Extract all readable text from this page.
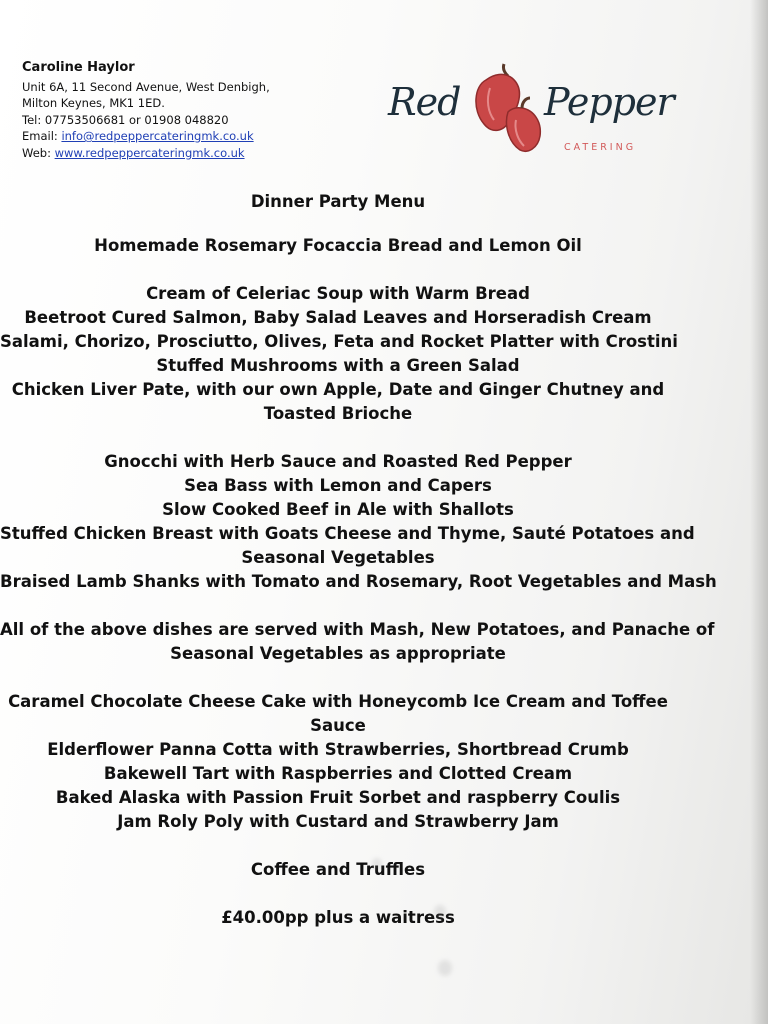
Caroline Haylor
Unit 6A, 11 Second Avenue, West Denbigh,
Milton Keynes, MK1 1ED.
Tel: 07753506681 or 01908 048820
Email: info@redpeppercateringmk.co.uk
Web: www.redpeppercateringmk.co.uk
Red Pepper
CATERING
Dinner Party Menu
Homemade Rosemary Focaccia Bread and Lemon Oil
Cream of Celeriac Soup with Warm Bread
Beetroot Cured Salmon, Baby Salad Leaves and Horseradish Cream
Salami, Chorizo, Prosciutto, Olives, Feta and Rocket Platter with Crostini
Stuffed Mushrooms with a Green Salad
Chicken Liver Pate, with our own Apple, Date and Ginger Chutney and
Toasted Brioche
Gnocchi with Herb Sauce and Roasted Red Pepper
Sea Bass with Lemon and Capers
Slow Cooked Beef in Ale with Shallots
Stuffed Chicken Breast with Goats Cheese and Thyme, Sauté Potatoes and
Seasonal Vegetables
Braised Lamb Shanks with Tomato and Rosemary, Root Vegetables and Mash
All of the above dishes are served with Mash, New Potatoes, and Panache of
Seasonal Vegetables as appropriate
Caramel Chocolate Cheese Cake with Honeycomb Ice Cream and Toffee
Sauce
Elderflower Panna Cotta with Strawberries, Shortbread Crumb
Bakewell Tart with Raspberries and Clotted Cream
Baked Alaska with Passion Fruit Sorbet and raspberry Coulis
Jam Roly Poly with Custard and Strawberry Jam
Coffee and Truffles
£40.00pp plus a waitress
